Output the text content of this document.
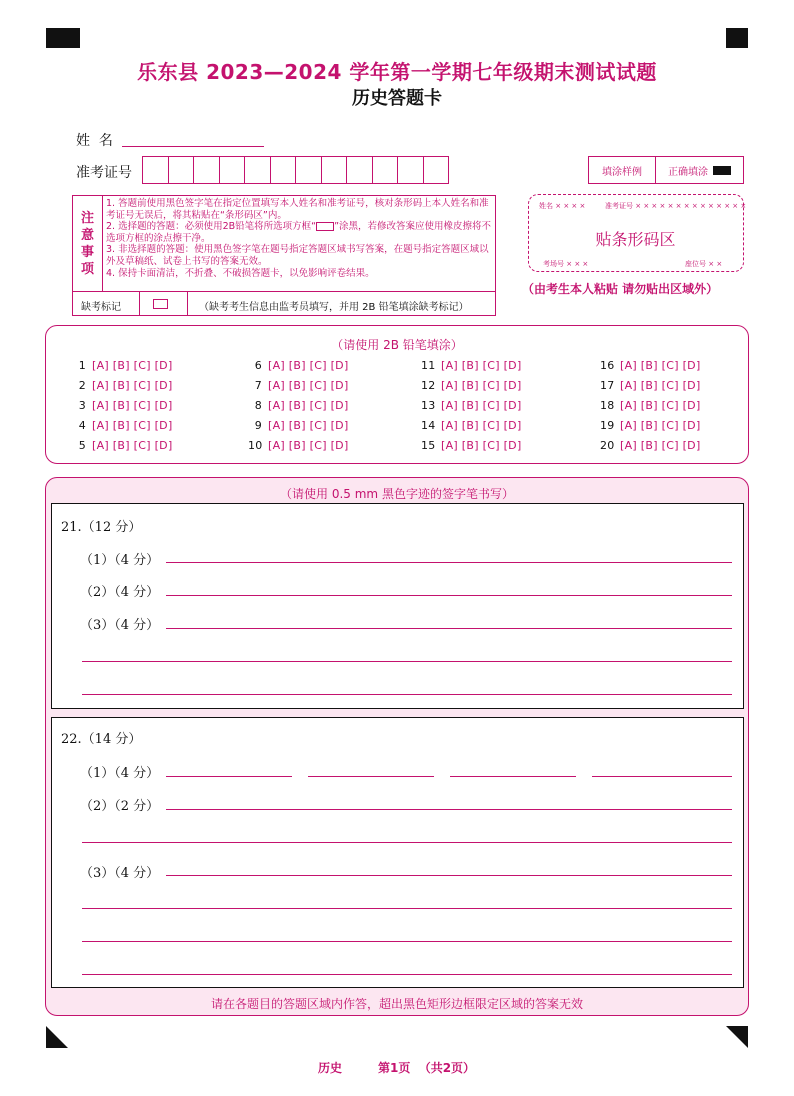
乐东县 2023—2024 学年第一学期七年级期末测试试题
历史答题卡
姓  名
准考证号	填涂样例	正确填涂
注
意
事
项
1. 答题前使用黑色签字笔在指定位置填写本人姓名和准考证号，核对条形码上本人姓名和准考证号无误后，将其粘贴在“条形码区”内。
2. 选择题的答题：必须使用2B铅笔将所选项方框“ ”涂黑，若修改答案应使用橡皮擦将不选项方框的涂点擦干净。
3. 非选择题的答题：使用黑色签字笔在题号指定答题区域书写答案，在题号指定答题区域以外及草稿纸、试卷上书写的答案无效。
4. 保持卡面清洁，不折叠、不破损答题卡，以免影响评卷结果。
缺考标记	（缺考考生信息由监考员填写，并用 2B 铅笔填涂缺考标记）
姓名 × × × ×	准考证号 × × × × × × × × × × × × × ×
贴条形码区
考场号 × × ×	座位号 × ×
（由考生本人粘贴 请勿贴出区域外）
（请使用 2B 铅笔填涂）
1 [A] [B] [C] [D]
2 [A] [B] [C] [D]
3 [A] [B] [C] [D]
4 [A] [B] [C] [D]
5 [A] [B] [C] [D]
6 [A] [B] [C] [D]
7 [A] [B] [C] [D]
8 [A] [B] [C] [D]
9 [A] [B] [C] [D]
10 [A] [B] [C] [D]
11 [A] [B] [C] [D]
12 [A] [B] [C] [D]
13 [A] [B] [C] [D]
14 [A] [B] [C] [D]
15 [A] [B] [C] [D]
16 [A] [B] [C] [D]
17 [A] [B] [C] [D]
18 [A] [B] [C] [D]
19 [A] [B] [C] [D]
20 [A] [B] [C] [D]
（请使用 0.5 mm 黑色字迹的签字笔书写）
请在各题目的答题区域内作答，超出黑色矩形边框限定区域的答案无效
21.（12 分）
（1）（4 分）
（2）（4 分）
（3）（4 分）
22.（14 分）
（1）（4 分）
（2）（2 分）
（3）（4 分）
历史	第1页  （共2页）
